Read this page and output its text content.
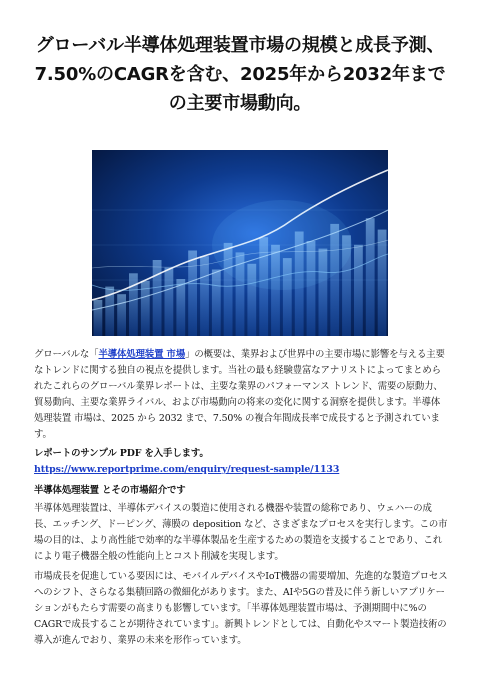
グローバル半導体処理装置市場の規模と成長予測、7.50%のCAGRを含む、2025年から2032年までの主要市場動向。

グローバルな「半導体処理装置 市場」の概要は、業界および世界中の主要市場に影響を与える主要なトレンドに関する独自の視点を提供します。当社の最も経験豊富なアナリストによってまとめられたこれらのグローバル業界レポートは、主要な業界のパフォーマンス トレンド、需要の原動力、貿易動向、主要な業界ライバル、および市場動向の将来の変化に関する洞察を提供します。半導体処理装置 市場は、2025 から 2032 まで、7.50% の複合年間成長率で成長すると予測されています。

レポートのサンプル PDF を入手します。 https://www.reportprime.com/enquiry/request-sample/1133

半導体処理装置 とその市場紹介です

半導体処理装置は、半導体デバイスの製造に使用される機器や装置の総称であり、ウェハーの成長、エッチング、ドーピング、薄膜の deposition など、さまざまなプロセスを実行します。この市場の目的は、より高性能で効率的な半導体製品を生産するための製造を支援することであり、これにより電子機器全般の性能向上とコスト削減を実現します。

市場成長を促進している要因には、モバイルデバイスやIoT機器の需要増加、先進的な製造プロセスへのシフト、さらなる集積回路の微細化があります。また、AIや5Gの普及に伴う新しいアプリケーションがもたらす需要の高まりも影響しています。「半導体処理装置市場は、予測期間中に%のCAGRで成長することが期待されています」。新興トレンドとしては、自動化やスマート製造技術の導入が進んでおり、業界の未来を形作っています。
